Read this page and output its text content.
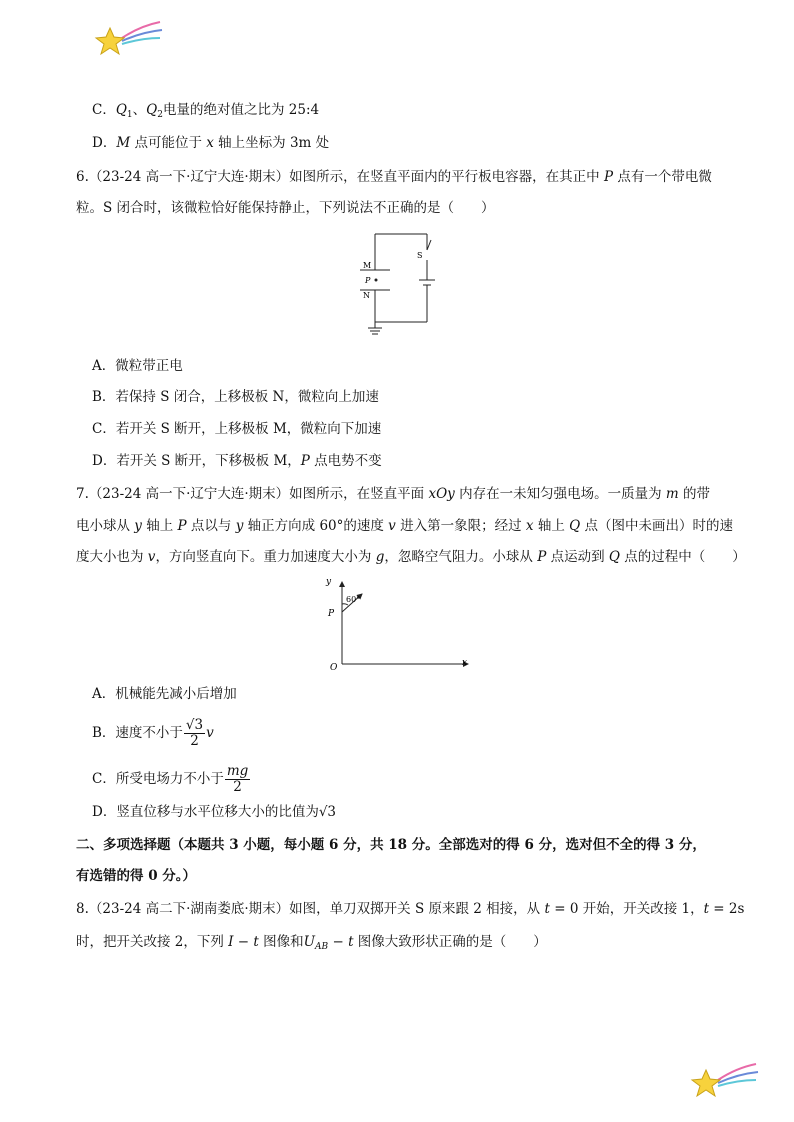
C．$Q_1$、$Q_2$电量的绝对值之比为 25:4
D．M 点可能位于 x 轴上坐标为 3m 处
6.（23-24 高一下·辽宁大连·期末）如图所示，在竖直平面内的平行板电容器，在其正中 P 点有一个带电微
粒。S 闭合时，该微粒恰好能保持静止，下列说法不正确的是（　　）
M
P
N
S
A．微粒带正电
B．若保持 S 闭合，上移极板 N，微粒向上加速
C．若开关 S 断开，上移极板 M，微粒向下加速
D．若开关 S 断开，下移极板 M，P 点电势不变
7.（23-24 高一下·辽宁大连·期末）如图所示，在竖直平面 xOy 内存在一未知匀强电场。一质量为 m 的带
电小球从 y 轴上 P 点以与 y 轴正方向成 60°的速度 v 进入第一象限；经过 x 轴上 Q 点（图中未画出）时的速
度大小也为 v，方向竖直向下。重力加速度大小为 g，忽略空气阻力。小球从 P 点运动到 Q 点的过程中（　　）
y
x
O
P
60°
A．机械能先减小后增加
B．速度不小于 $\frac{√3}{2}$ v
C．所受电场力不小于 $\frac{mg}{2}$
D．竖直位移与水平位移大小的比值为√3
二、多项选择题（本题共 3 小题，每小题 6 分，共 18 分。全部选对的得 6 分，选对但不全的得 3 分，
有选错的得 0 分。）
8.（23-24 高二下·湖南娄底·期末）如图，单刀双掷开关 S 原来跟 2 相接，从 t = 0 开始，开关改接 1，t = 2s
时，把开关改接 2，下列 I − t 图像和$U_{AB} - t$ 图像大致形状正确的是（　　）
